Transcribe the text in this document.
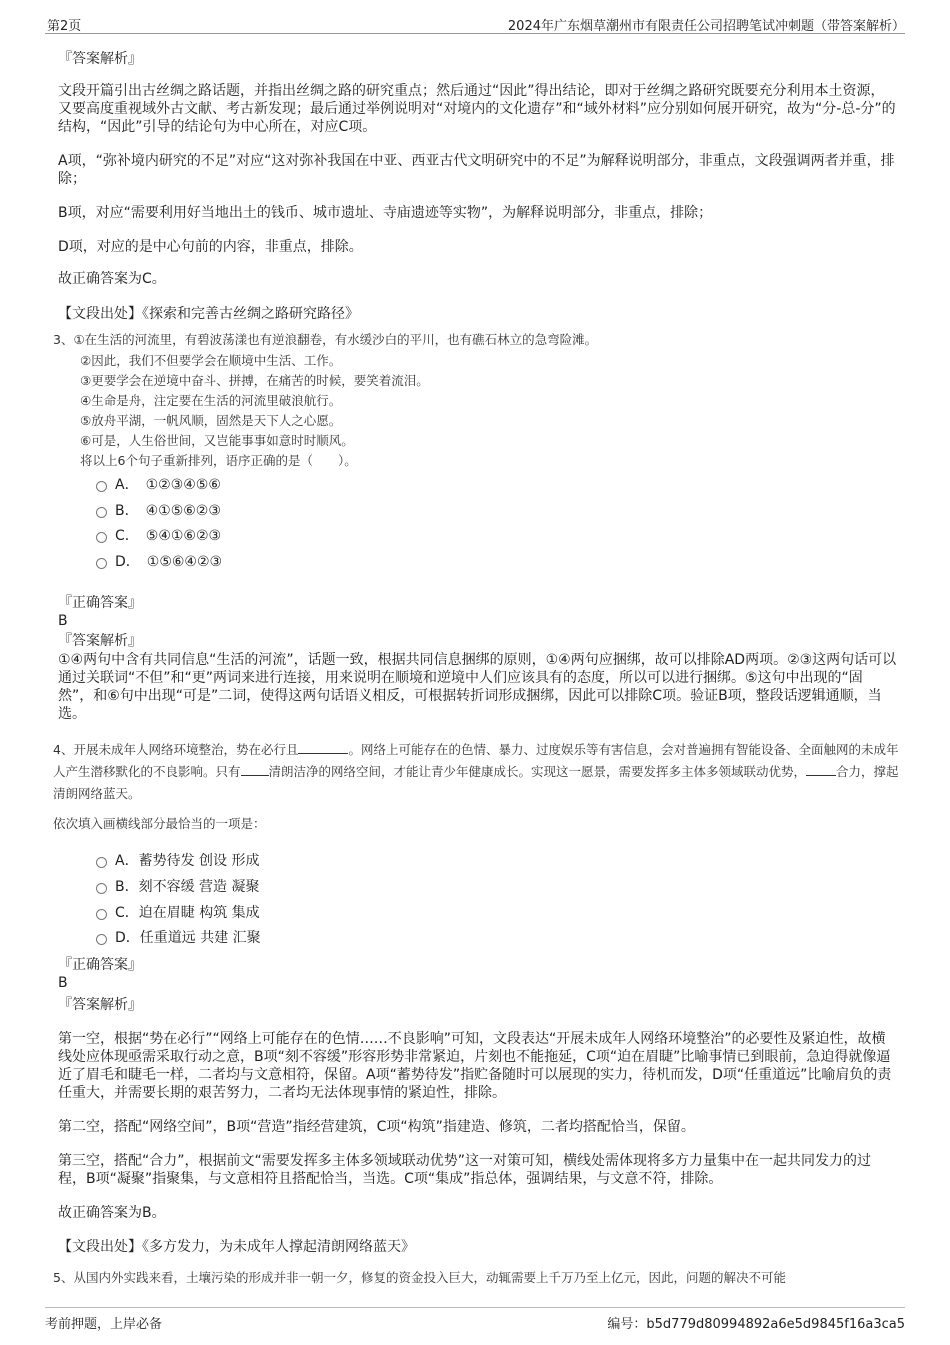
第2页	2024年广东烟草潮州市有限责任公司招聘笔试冲刺题（带答案解析）
『答案解析』
文段开篇引出古丝绸之路话题，并指出丝绸之路的研究重点；然后通过“因此”得出结论，即对于丝绸之路研究既要充分利用本土资源，又要高度重视域外古文献、考古新发现；最后通过举例说明对“对境内的文化遗存”和“域外材料”应分别如何展开研究，故为“分-总-分”的结构，“因此”引导的结论句为中心所在，对应C项。
A项，“弥补境内研究的不足”对应“这对弥补我国在中亚、西亚古代文明研究中的不足”为解释说明部分，非重点，文段强调两者并重，排除；
B项，对应“需要利用好当地出土的钱币、城市遗址、寺庙遗迹等实物”，为解释说明部分，非重点，排除；
D项，对应的是中心句前的内容，非重点，排除。
故正确答案为C。
【文段出处】《探索和完善古丝绸之路研究路径》
3、①在生活的河流里，有碧波荡漾也有逆浪翻卷，有水缓沙白的平川，也有礁石林立的急弯险滩。
②因此，我们不但要学会在顺境中生活、工作。
③更要学会在逆境中奋斗、拼搏，在痛苦的时候，要笑着流泪。
④生命是舟，注定要在生活的河流里破浪航行。
⑤放舟平湖，一帆风顺，固然是天下人之心愿。
⑥可是，人生俗世间，又岂能事事如意时时顺风。
将以上6个句子重新排列，语序正确的是（　　）。
A．　①②③④⑤⑥
B．　④①⑤⑥②③
C．　⑤④①⑥②③
D．　①⑤⑥④②③
『正确答案』
B
『答案解析』
①④两句中含有共同信息“生活的河流”，话题一致，根据共同信息捆绑的原则，①④两句应捆绑，故可以排除AD两项。②③这两句话可以通过关联词“不但”和“更”两词来进行连接，用来说明在顺境和逆境中人们应该具有的态度，所以可以进行捆绑。⑤这句中出现的“固然”，和⑥句中出现“可是”二词，使得这两句话语义相反，可根据转折词形成捆绑，因此可以排除C项。验证B项，整段话逻辑通顺，当选。
4、开展未成年人网络环境整治，势在必行且	。网络上可能存在的色情、暴力、过度娱乐等有害信息，会对普遍拥有智能设备、全面触网的未成年人产生潜移默化的不良影响。只有 清朗洁净的网络空间，才能让青少年健康成长。实现这一愿景，需要发挥多主体多领域联动优势， 合力，撑起清朗网络蓝天。
依次填入画横线部分最恰当的一项是：
A．蓄势待发 创设 形成
B．刻不容缓 营造 凝聚
C．迫在眉睫 构筑 集成
D．任重道远 共建 汇聚
『正确答案』
B
『答案解析』
第一空，根据“势在必行”“网络上可能存在的色情……不良影响”可知，文段表达“开展未成年人网络环境整治”的必要性及紧迫性，故横线处应体现亟需采取行动之意，B项“刻不容缓”形容形势非常紧迫，片刻也不能拖延，C项“迫在眉睫”比喻事情已到眼前，急迫得就像逼近了眉毛和睫毛一样，二者均与文意相符，保留。A项“蓄势待发”指贮备随时可以展现的实力，待机而发，D项“任重道远”比喻肩负的责任重大，并需要长期的艰苦努力，二者均无法体现事情的紧迫性，排除。
第二空，搭配“网络空间”，B项“营造”指经营建筑，C项“构筑”指建造、修筑，二者均搭配恰当，保留。
第三空，搭配“合力”，根据前文“需要发挥多主体多领域联动优势”这一对策可知，横线处需体现将多方力量集中在一起共同发力的过程，B项“凝聚”指聚集，与文意相符且搭配恰当，当选。C项“集成”指总体，强调结果，与文意不符，排除。
故正确答案为B。
【文段出处】《多方发力，为未成年人撑起清朗网络蓝天》
5、从国内外实践来看，土壤污染的形成并非一朝一夕，修复的资金投入巨大，动辄需要上千万乃至上亿元，因此，问题的解决不可能
考前押题，上岸必备	编号：b5d779d80994892a6e5d9845f16a3ca5
